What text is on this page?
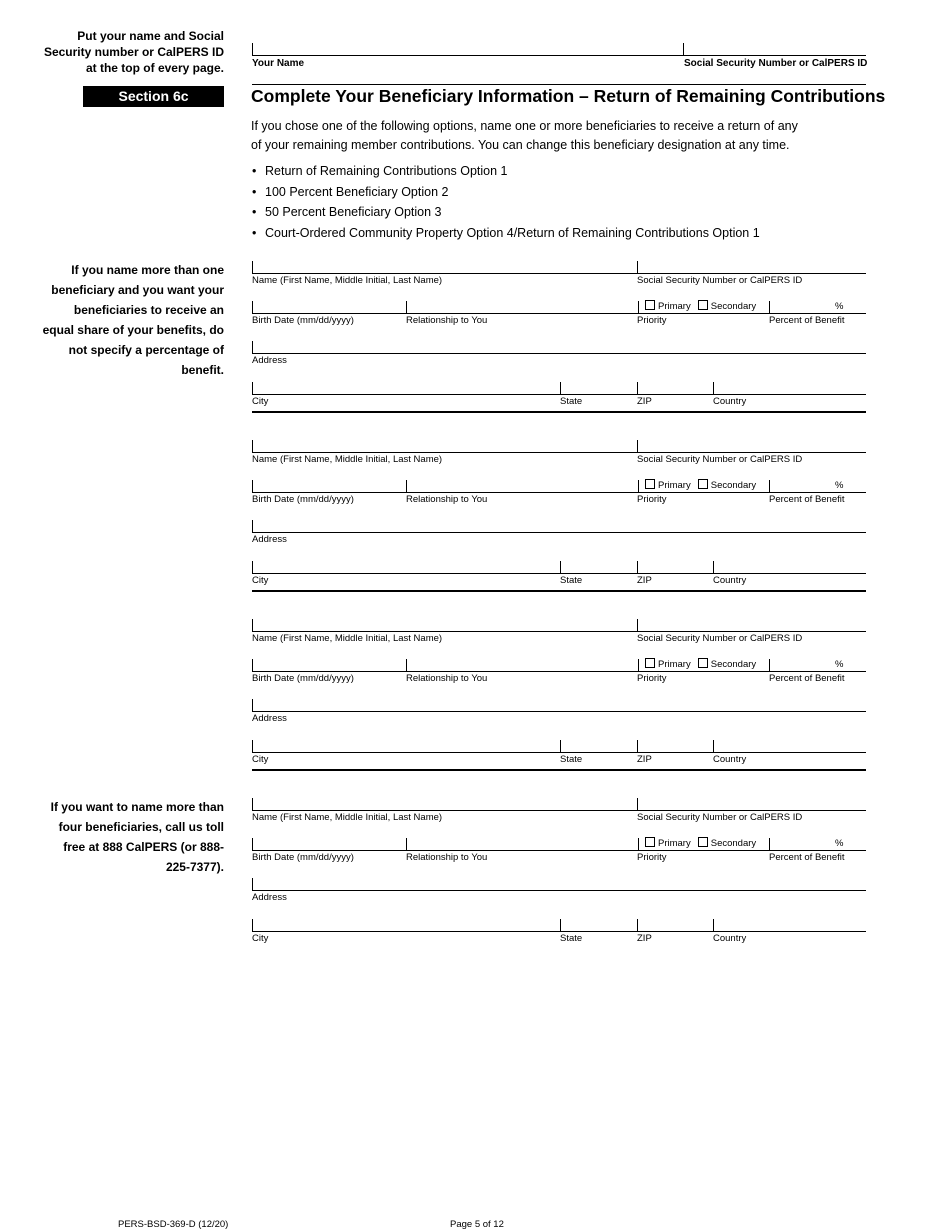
Put your name and Social Security number or CalPERS ID at the top of every page.	Your Name	Social Security Number or CalPERS ID
Section 6c	Complete Your Beneficiary Information – Return of Remaining Contributions
If you chose one of the following options, name one or more beneficiaries to receive a return of any of your remaining member contributions. You can change this beneficiary designation at any time.
• Return of Remaining Contributions Option 1
• 100 Percent Beneficiary Option 2
• 50 Percent Beneficiary Option 3
• Court-Ordered Community Property Option 4/Return of Remaining Contributions Option 1
If you name more than one beneficiary and you want your beneficiaries to receive an equal share of your benefits, do not specify a percentage of benefit.
If you want to name more than four beneficiaries, call us toll free at 888 CalPERS (or 888-225-7377).
Name (First Name, Middle Initial, Last Name)	Social Security Number or CalPERS ID
Primary Secondary	%
Birth Date (mm/dd/yyyy)	Relationship to You	Priority	Percent of Benefit
Address
City	State	ZIP	Country
Name (First Name, Middle Initial, Last Name)	Social Security Number or CalPERS ID
Primary Secondary	%
Birth Date (mm/dd/yyyy)	Relationship to You	Priority	Percent of Benefit
Address
City	State	ZIP	Country
Name (First Name, Middle Initial, Last Name)	Social Security Number or CalPERS ID
Primary Secondary	%
Birth Date (mm/dd/yyyy)	Relationship to You	Priority	Percent of Benefit
Address
City	State	ZIP	Country
Name (First Name, Middle Initial, Last Name)	Social Security Number or CalPERS ID
Primary Secondary	%
Birth Date (mm/dd/yyyy)	Relationship to You	Priority	Percent of Benefit
Address
City	State	ZIP	Country
PERS-BSD-369-D (12/20)	Page 5 of 12
